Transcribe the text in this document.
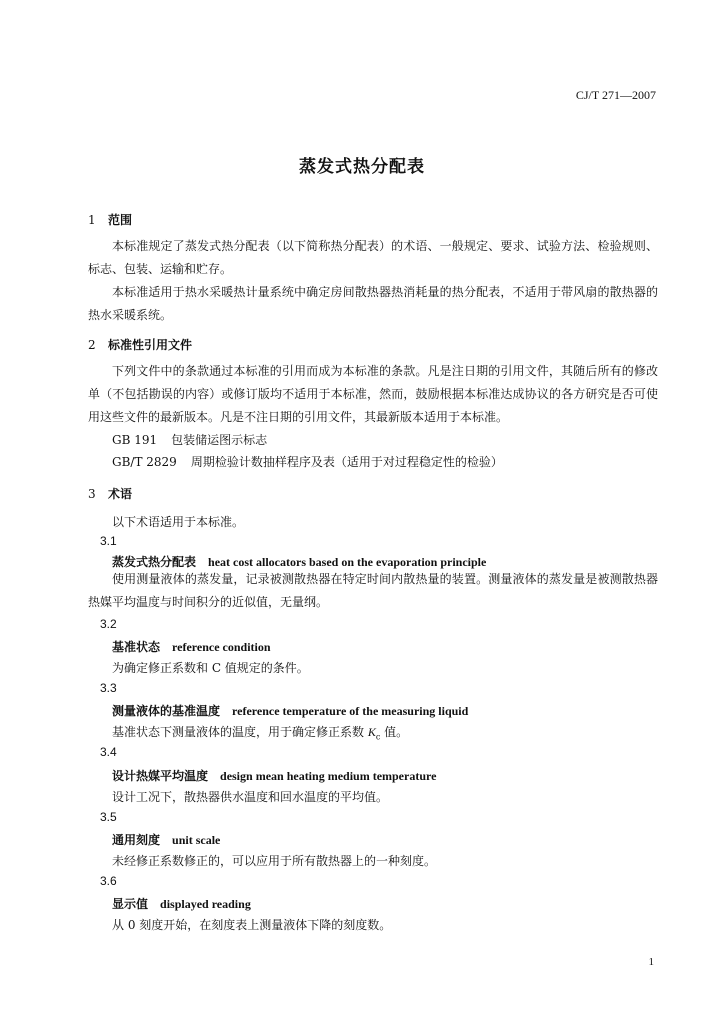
CJ/T 271—2007
蒸发式热分配表
1 范围
本标准规定了蒸发式热分配表（以下简称热分配表）的术语、一般规定、要求、试验方法、检验规则、标志、包装、运输和贮存。
本标准适用于热水采暖热计量系统中确定房间散热器热消耗量的热分配表，不适用于带风扇的散热器的热水采暖系统。
2 标准性引用文件
下列文件中的条款通过本标准的引用而成为本标准的条款。凡是注日期的引用文件，其随后所有的修改单（不包括勘误的内容）或修订版均不适用于本标准，然而，鼓励根据本标准达成协议的各方研究是否可使用这些文件的最新版本。凡是不注日期的引用文件，其最新版本适用于本标准。
GB 191 包装储运图示标志
GB/T 2829 周期检验计数抽样程序及表（适用于对过程稳定性的检验）
3 术语
以下术语适用于本标准。
3.1
蒸发式热分配表 heat cost allocators based on the evaporation principle
使用测量液体的蒸发量，记录被测散热器在特定时间内散热量的装置。测量液体的蒸发量是被测散热器热媒平均温度与时间积分的近似值，无量纲。
3.2
基准状态 reference condition
为确定修正系数和 C 值规定的条件。
3.3
测量液体的基准温度 reference temperature of the measuring liquid
基准状态下测量液体的温度，用于确定修正系数 $K_c$ 值。
3.4
设计热媒平均温度 design mean heating medium temperature
设计工况下，散热器供水温度和回水温度的平均值。
3.5
通用刻度 unit scale
未经修正系数修正的，可以应用于所有散热器上的一种刻度。
3.6
显示值 displayed reading
从 0 刻度开始，在刻度表上测量液体下降的刻度数。
1
